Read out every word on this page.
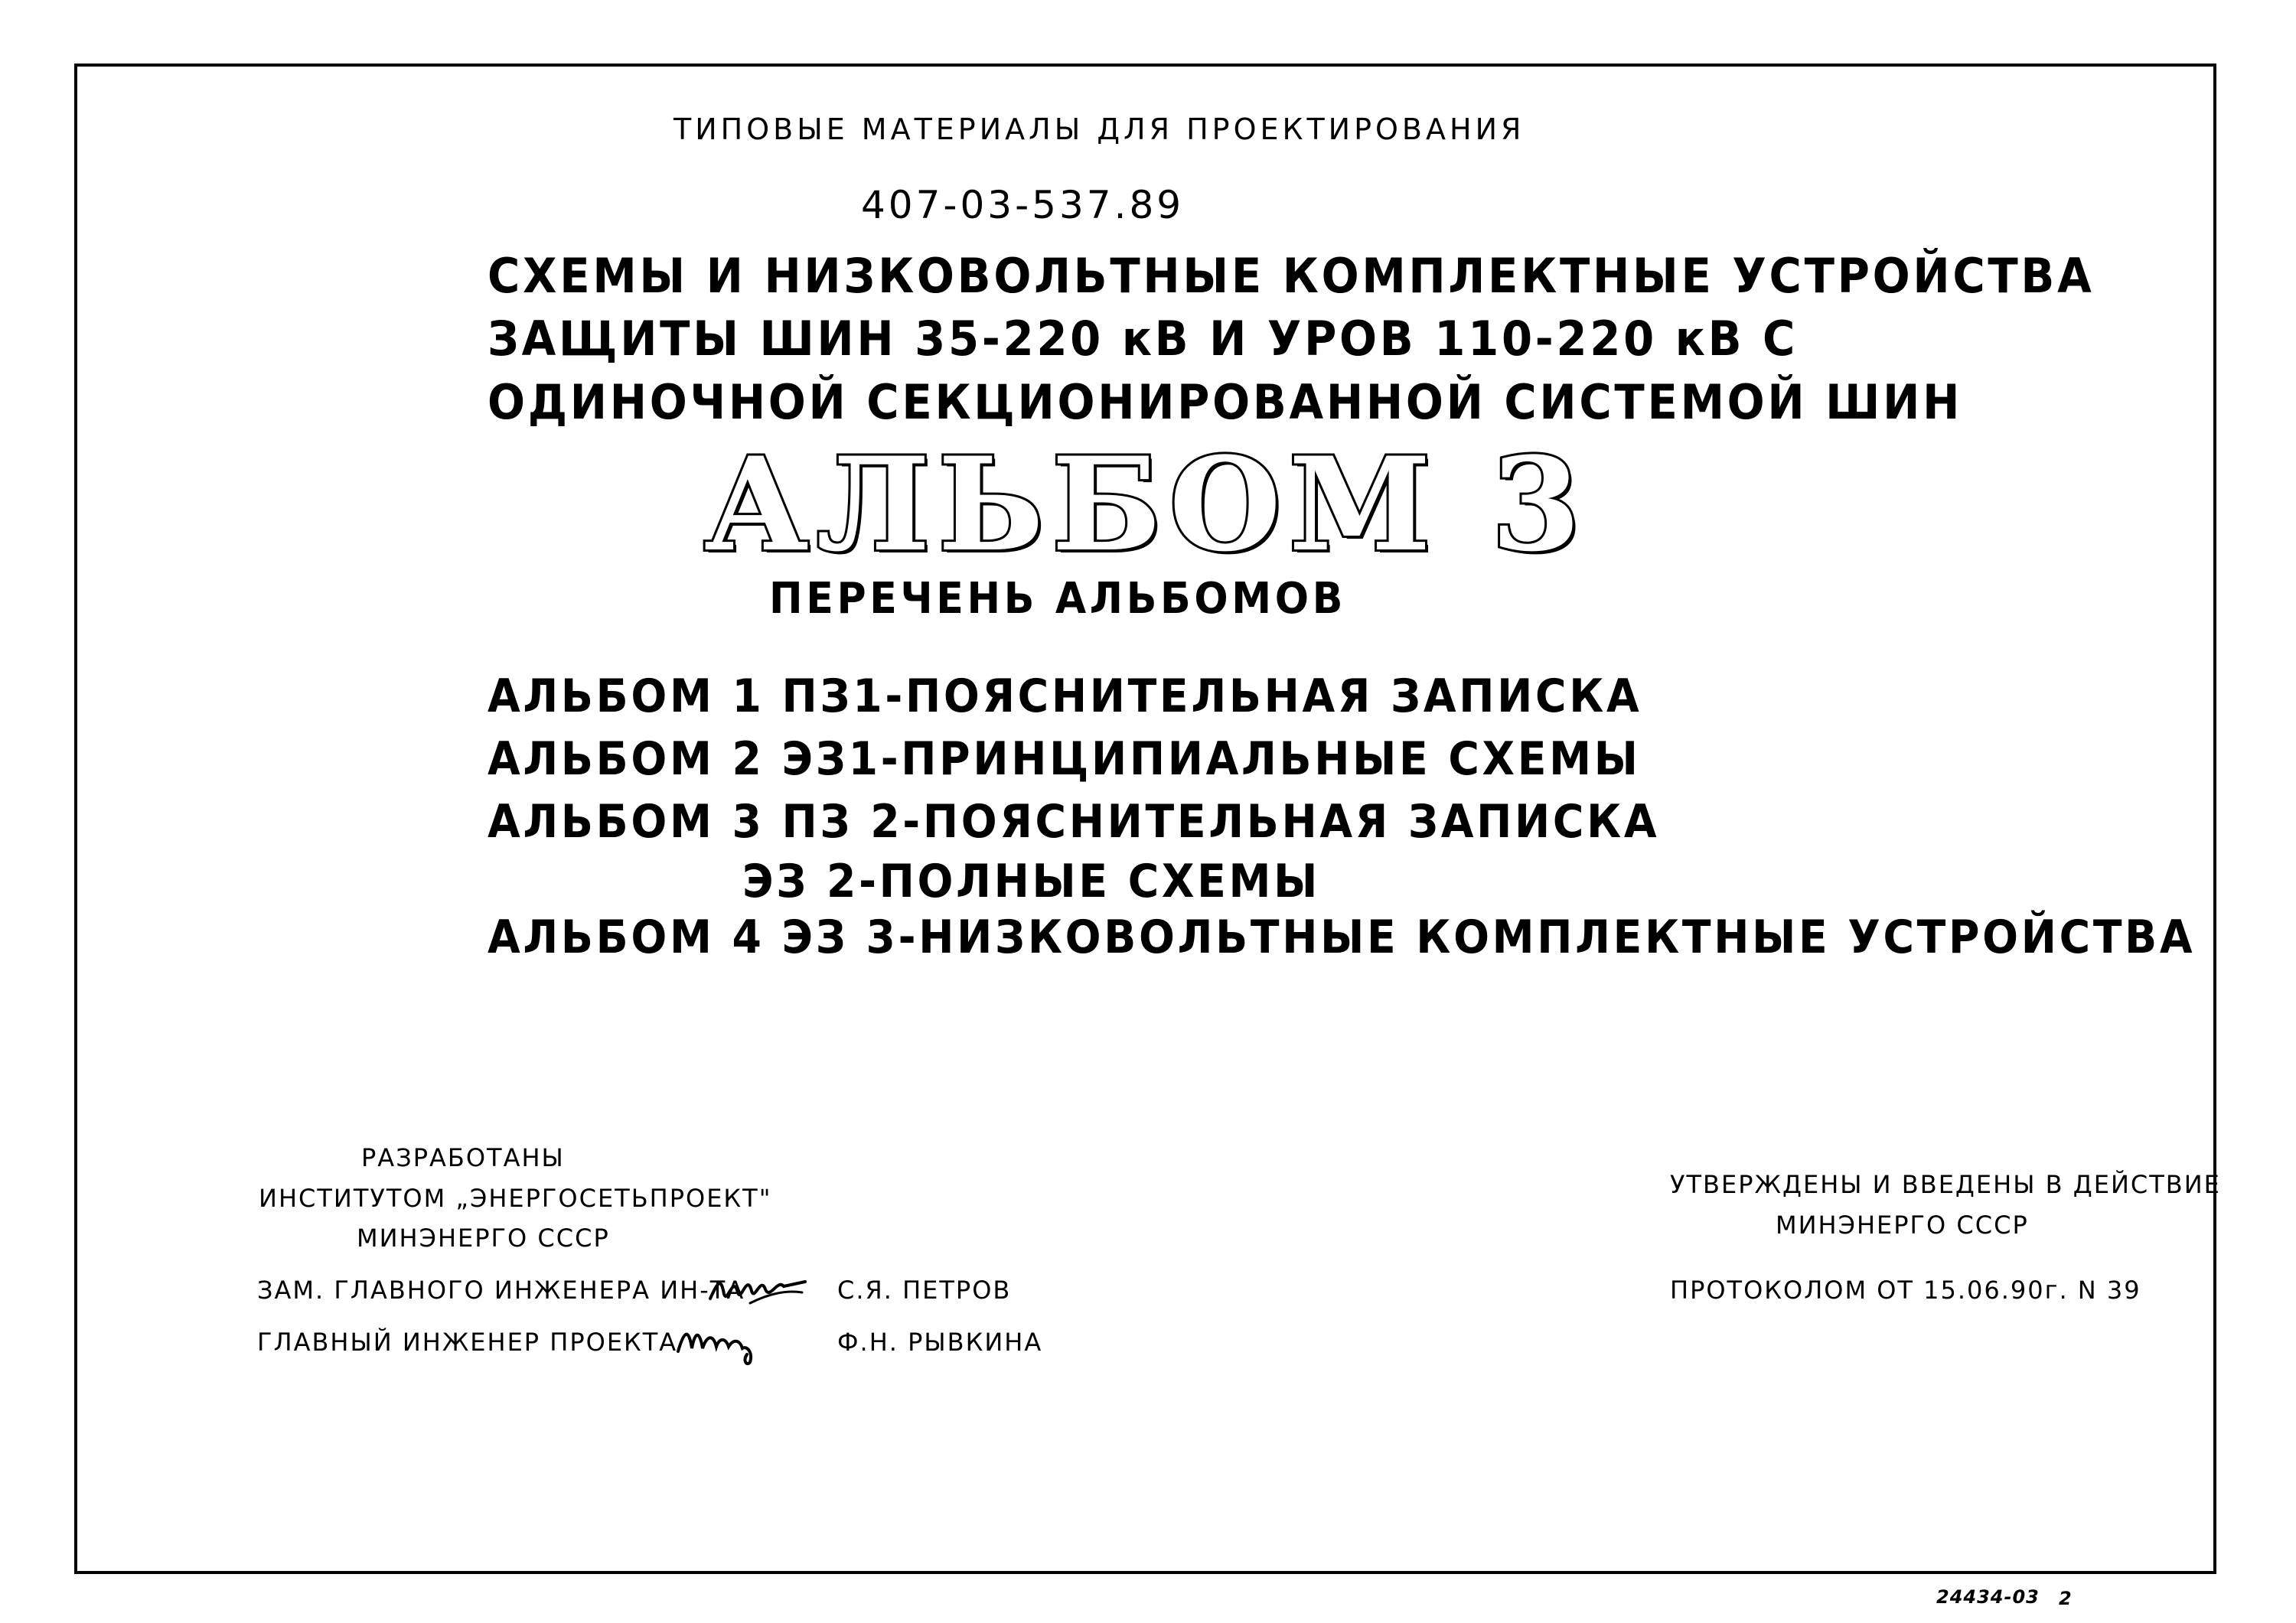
ТИПОВЫЕ МАТЕРИАЛЫ ДЛЯ ПРОЕКТИРОВАНИЯ
407-03-537.89
СХЕМЫ И НИЗКОВОЛЬТНЫЕ КОМПЛЕКТНЫЕ УСТРОЙСТВА
ЗАЩИТЫ ШИН 35-220 кВ И УРОВ 110-220 кВ С
ОДИНОЧНОЙ СЕКЦИОНИРОВАННОЙ СИСТЕМОЙ ШИН
АЛЬБОМ 3
ПЕРЕЧЕНЬ АЛЬБОМОВ
АЛЬБОМ 1 ПЗ1-ПОЯСНИТЕЛЬНАЯ ЗАПИСКА
АЛЬБОМ 2 ЭЗ1-ПРИНЦИПИАЛЬНЫЕ СХЕМЫ
АЛЬБОМ 3 ПЗ 2-ПОЯСНИТЕЛЬНАЯ ЗАПИСКА
ЭЗ 2-ПОЛНЫЕ СХЕМЫ
АЛЬБОМ 4 ЭЗ 3-НИЗКОВОЛЬТНЫЕ КОМПЛЕКТНЫЕ УСТРОЙСТВА
РАЗРАБОТАНЫ
ИНСТИТУТОМ „ЭНЕРГОСЕТЬПРОЕКТ"
МИНЭНЕРГО СССР
ЗАМ. ГЛАВНОГО ИНЖЕНЕРА ИН-ТА	С.Я. ПЕТРОВ
ГЛАВНЫЙ ИНЖЕНЕР ПРОЕКТА	Ф.Н. РЫВКИНА
УТВЕРЖДЕНЫ И ВВЕДЕНЫ В ДЕЙСТВИЕ
МИНЭНЕРГО СССР
ПРОТОКОЛОМ ОТ 15.06.90г. N 39
24434-03 2
